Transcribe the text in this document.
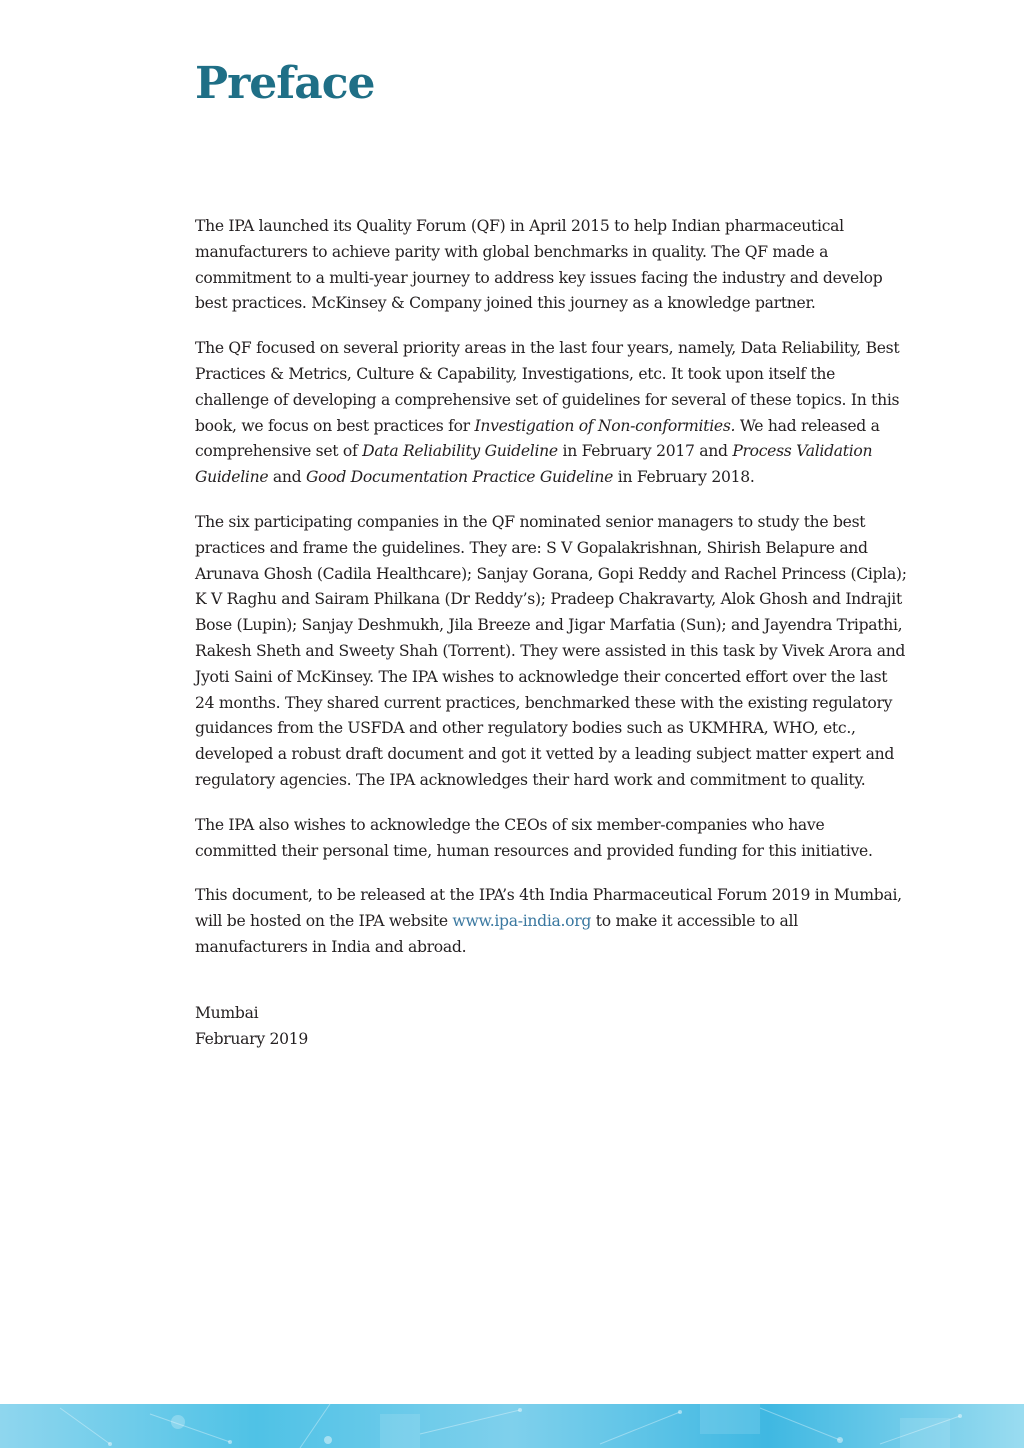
Preface

The IPA launched its Quality Forum (QF) in April 2015 to help Indian pharmaceutical manufacturers to achieve parity with global benchmarks in quality. The QF made a commitment to a multi-year journey to address key issues facing the industry and develop best practices. McKinsey & Company joined this journey as a knowledge partner.

The QF focused on several priority areas in the last four years, namely, Data Reliability, Best Practices & Metrics, Culture & Capability, Investigations, etc. It took upon itself the challenge of developing a comprehensive set of guidelines for several of these topics. In this book, we focus on best practices for Investigation of Non-conformities. We had released a comprehensive set of Data Reliability Guideline in February 2017 and Process Validation Guideline and Good Documentation Practice Guideline in February 2018.

The six participating companies in the QF nominated senior managers to study the best practices and frame the guidelines. They are: S V Gopalakrishnan, Shirish Belapure and Arunava Ghosh (Cadila Healthcare); Sanjay Gorana, Gopi Reddy and Rachel Princess (Cipla); K V Raghu and Sairam Philkana (Dr Reddy’s); Pradeep Chakravarty, Alok Ghosh and Indrajit Bose (Lupin); Sanjay Deshmukh, Jila Breeze and Jigar Marfatia (Sun); and Jayendra Tripathi, Rakesh Sheth and Sweety Shah (Torrent). They were assisted in this task by Vivek Arora and Jyoti Saini of McKinsey. The IPA wishes to acknowledge their concerted effort over the last 24 months. They shared current practices, benchmarked these with the existing regulatory guidances from the USFDA and other regulatory bodies such as UKMHRA, WHO, etc., developed a robust draft document and got it vetted by a leading subject matter expert and regulatory agencies. The IPA acknowledges their hard work and commitment to quality.

The IPA also wishes to acknowledge the CEOs of six member-companies who have committed their personal time, human resources and provided funding for this initiative.

This document, to be released at the IPA’s 4th India Pharmaceutical Forum 2019 in Mumbai, will be hosted on the IPA website www.ipa-india.org to make it accessible to all manufacturers in India and abroad.

Mumbai
February 2019
